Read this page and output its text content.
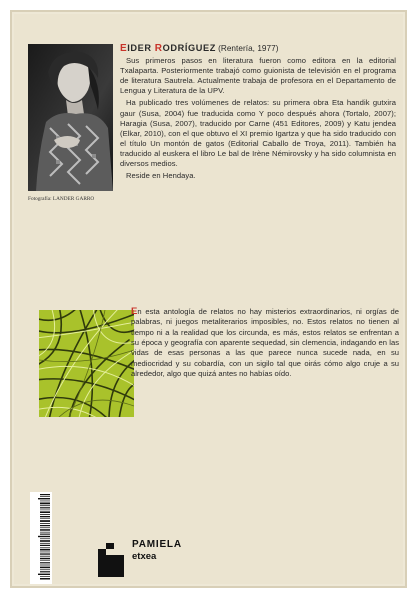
Fotografía: LANDER GARRO
EIDER RODRÍGUEZ (Rentería, 1977)

Sus primeros pasos en literatura fueron como editora en la editorial Txalaparta. Posteriormente trabajó como guionista de televisión en el programa de literatura Sautrela. Actualmente trabaja de profesora en el Departamento de Lengua y Literatura de la UPV.

Ha publicado tres volúmenes de relatos: su primera obra Eta handik gutxira gaur (Susa, 2004) fue traducida como Y poco después ahora (Tortalo, 2007); Haragia (Susa, 2007), traducido por Carne (451 Editores, 2009) y Katu jendea (Elkar, 2010), con el que obtuvo el XI premio Igartza y que ha sido traducido con el título Un montón de gatos (Editorial Caballo de Troya, 2011). También ha traducido al euskera el libro Le bal de Irène Némirovsky y ha sido columnista en diversos medios.

Reside en Hendaya.

En esta antología de relatos no hay misterios extraordinarios, ni orgías de palabras, ni juegos metaliterarios imposibles, no. Estos relatos no tienen al tiempo ni a la realidad que los circunda, es más, estos relatos se enfrentan a su época y geografía con aparente sequedad, sin clemencia, indagando en las vidas de esas personas a las que parece nunca sucede nada, en su mediocridad y su cobardía, con un sigilo tal que oirás cómo algo cruje a su alrededor, algo que quizá antes no habías oído.
PAMIELA
etxea
